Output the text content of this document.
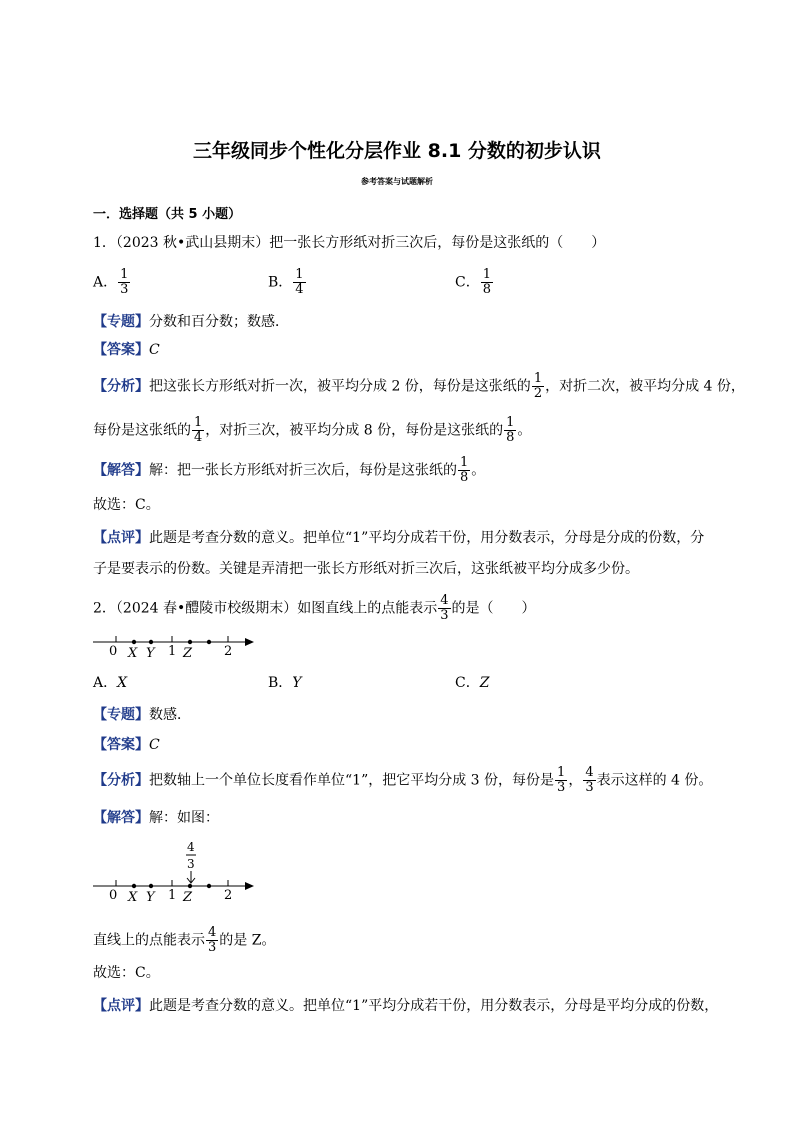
三年级同步个性化分层作业 8.1 分数的初步认识
参考答案与试题解析
一．选择题（共 5 小题）
1．（2023 秋•武山县期末）把一张长方形纸对折三次后，每份是这张纸的（　　）
A． $\frac{1}{3}$	B． $\frac{1}{4}$	C． $\frac{1}{8}$
【专题】分数和百分数；数感．
【答案】C
【分析】把这张长方形纸对折一次，被平均分成 2 份，每份是这张纸的 $\frac{1}{2}$ ，对折二次，被平均分成 4 份，
每份是这张纸的 $\frac{1}{4}$ ，对折三次，被平均分成 8 份，每份是这张纸的 $\frac{1}{8}$ 。
【解答】解：把一张长方形纸对折三次后，每份是这张纸的 $\frac{1}{8}$ 。
故选：C。
【点评】此题是考查分数的意义。把单位“1”平均分成若干份，用分数表示，分母是分成的份数，分
子是要表示的份数。关键是弄清把一张长方形纸对折三次后，这张纸被平均分成多少份。
2．（2024 春•醴陵市校级期末）如图直线上的点能表示 $\frac{4}{3}$ 的是（　　）
0 X Y 1 Z 2
A．X	B．Y	C．Z
【专题】数感．
【答案】C
【分析】把数轴上一个单位长度看作单位“1”，把它平均分成 3 份，每份是 $\frac{1}{3}$ ， $\frac{4}{3}$ 表示这样的 4 份。
【解答】解：如图：
4
3
0 X Y 1 Z 2
直线上的点能表示 $\frac{4}{3}$ 的是 Z。
故选：C。
【点评】此题是考查分数的意义。把单位“1”平均分成若干份，用分数表示，分母是平均分成的份数，
